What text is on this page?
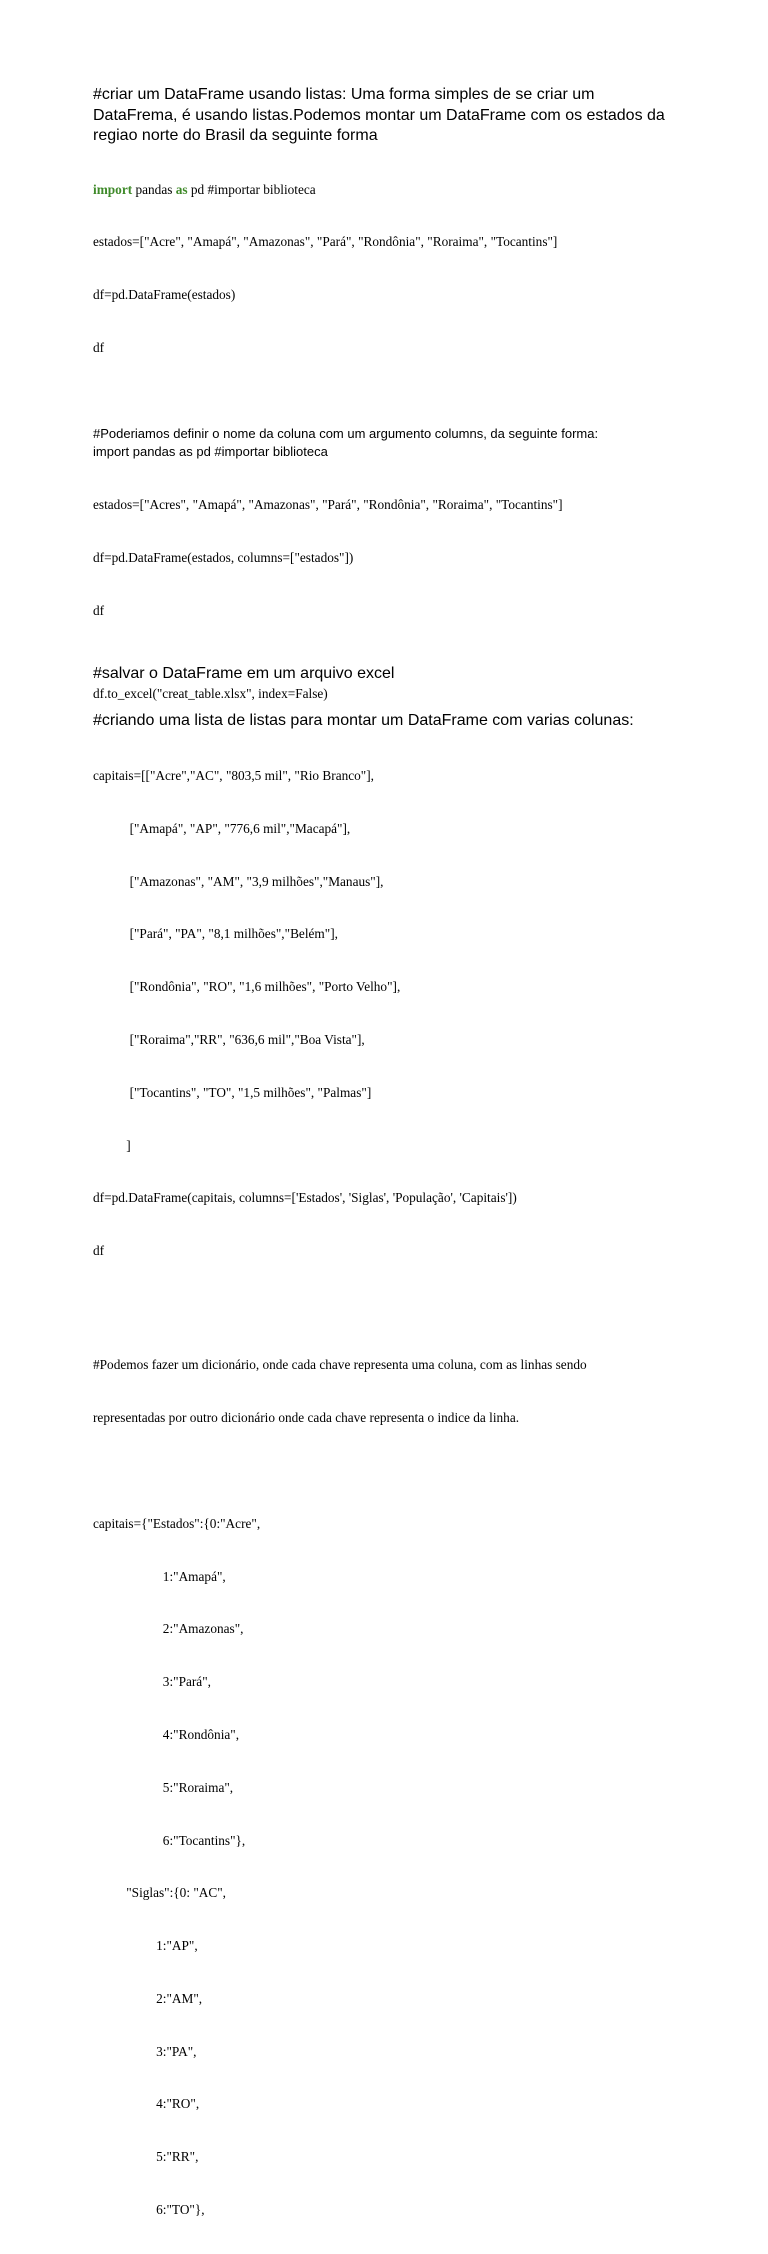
#criar um DataFrame usando listas: Uma forma simples de se criar um
DataFrema, é usando listas.Podemos montar um DataFrame com os estados da
regiao norte do Brasil da seguinte forma

import pandas as pd #importar biblioteca

estados=["Acre", "Amapá", "Amazonas", "Pará", "Rondônia", "Roraima", "Tocantins"]

df=pd.DataFrame(estados)

df

#Poderiamos definir o nome da coluna com um argumento columns, da seguinte forma:

import pandas as pd #importar biblioteca

estados=["Acres", "Amapá", "Amazonas", "Pará", "Rondônia", "Roraima", "Tocantins"]

df=pd.DataFrame(estados, columns=["estados"])

df

#salvar o DataFrame em um arquivo excel

df.to_excel("creat_table.xlsx", index=False)

#criando uma lista de listas para montar um DataFrame com varias colunas:

capitais=[["Acre","AC", "803,5 mil", "Rio Branco"],

["Amapá", "AP", "776,6 mil","Macapá"],

["Amazonas", "AM", "3,9 milhões","Manaus"],

["Pará", "PA", "8,1 milhões","Belém"],

["Rondônia", "RO", "1,6 milhões", "Porto Velho"],

["Roraima","RR", "636,6 mil","Boa Vista"],

["Tocantins", "TO", "1,5 milhões", "Palmas"]

]

df=pd.DataFrame(capitais, columns=['Estados', 'Siglas', 'População', 'Capitais'])

df

#Podemos fazer um dicionário, onde cada chave representa uma coluna, com as linhas sendo

representadas por outro dicionário onde cada chave representa o indice da linha.

capitais={"Estados":{0:"Acre",

1:"Amapá",

2:"Amazonas",

3:"Pará",

4:"Rondônia",

5:"Roraima",

6:"Tocantins"},

"Siglas":{0: "AC",

1:"AP",

2:"AM",

3:"PA",

4:"RO",

5:"RR",

6:"TO"},
